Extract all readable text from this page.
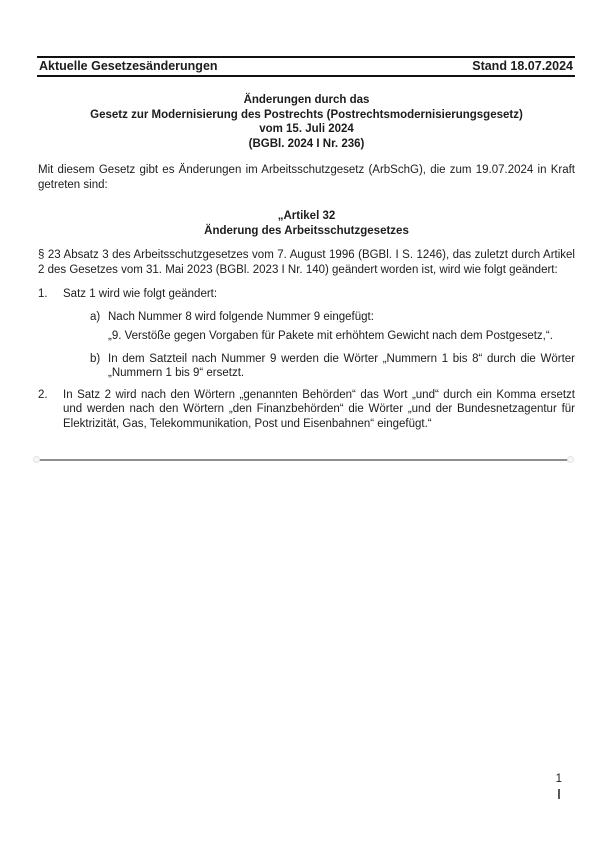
Aktuelle Gesetzesänderungen	Stand 18.07.2024
Änderungen durch das
Gesetz zur Modernisierung des Postrechts (Postrechtsmodernisierungsgesetz)
vom 15. Juli 2024
(BGBl. 2024 I Nr. 236)

Mit diesem Gesetz gibt es Änderungen im Arbeitsschutzgesetz (ArbSchG), die zum 19.07.2024 in Kraft getreten sind:

„Artikel 32
Änderung des Arbeitsschutzgesetzes

§ 23 Absatz 3 des Arbeitsschutzgesetzes vom 7. August 1996 (BGBl. I S. 1246), das zuletzt durch Artikel 2 des Gesetzes vom 31. Mai 2023 (BGBl. 2023 I Nr. 140) geändert worden ist, wird wie folgt geändert:

1.	Satz 1 wird wie folgt geändert:
a) Nach Nummer 8 wird folgende Nummer 9 eingefügt:
„9. Verstöße gegen Vorgaben für Pakete mit erhöhtem Gewicht nach dem Postgesetz,“.
b) In dem Satzteil nach Nummer 9 werden die Wörter „Nummern 1 bis 8“ durch die Wörter „Nummern 1 bis 9“ ersetzt.
2.	In Satz 2 wird nach den Wörtern „genannten Behörden“ das Wort „und“ durch ein Komma ersetzt und werden nach den Wörtern „den Finanzbehörden“ die Wörter „und der Bundesnetzagentur für Elektrizität, Gas, Telekommunikation, Post und Eisenbahnen“ eingefügt.“
1
